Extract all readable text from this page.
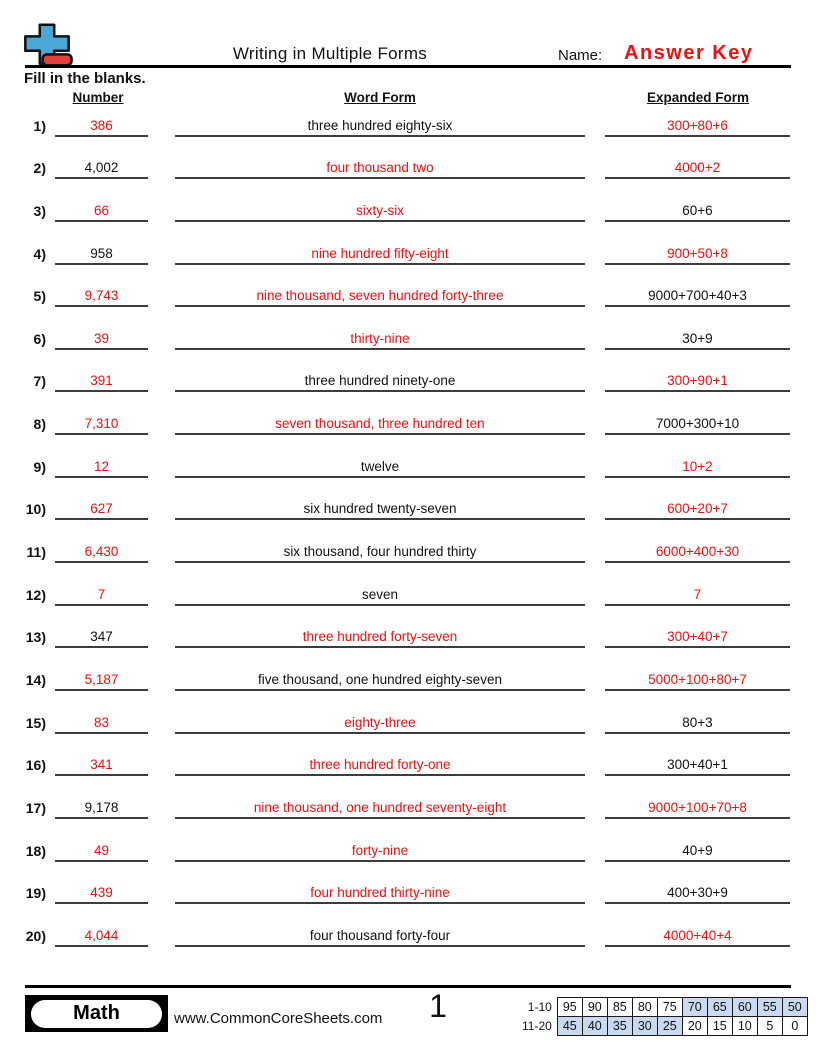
Writing in Multiple Forms	Name: Answer Key
Fill in the blanks.
Number	Word Form	Expanded Form
1)	386	three hundred eighty-six	300+80+6
2)	4,002	four thousand two	4000+2
3)	66	sixty-six	60+6
4)	958	nine hundred fifty-eight	900+50+8
5)	9,743	nine thousand, seven hundred forty-three	9000+700+40+3
6)	39	thirty-nine	30+9
7)	391	three hundred ninety-one	300+90+1
8)	7,310	seven thousand, three hundred ten	7000+300+10
9)	12	twelve	10+2
10)	627	six hundred twenty-seven	600+20+7
11)	6,430	six thousand, four hundred thirty	6000+400+30
12)	7	seven	7
13)	347	three hundred forty-seven	300+40+7
14)	5,187	five thousand, one hundred eighty-seven	5000+100+80+7
15)	83	eighty-three	80+3
16)	341	three hundred forty-one	300+40+1
17)	9,178	nine thousand, one hundred seventy-eight	9000+100+70+8
18)	49	forty-nine	40+9
19)	439	four hundred thirty-nine	400+30+9
20)	4,044	four thousand forty-four	4000+40+4
Math	www.CommonCoreSheets.com 1	1-10	95	90	85	80	75	70	65	60	55	50
11-20	45	40	35	30	25	20	15	10	5	0
